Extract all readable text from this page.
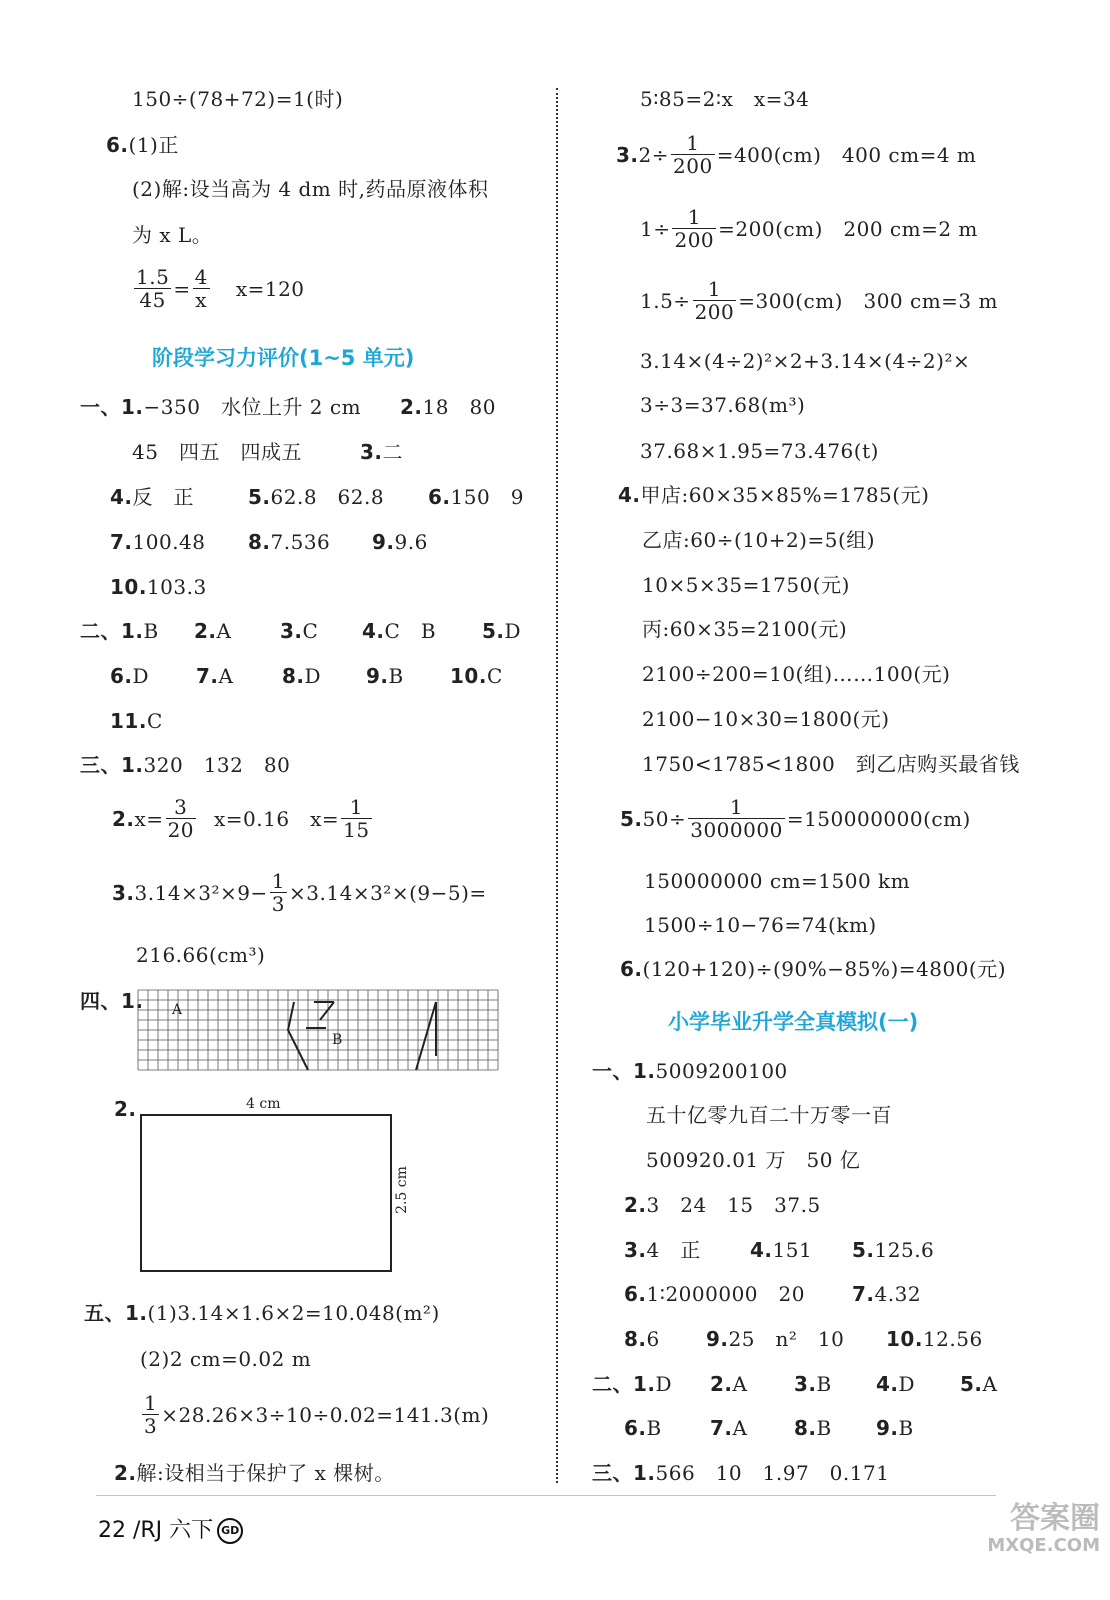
150÷(78+72)=1(时)
6.(1)正
(2)解:设当高为 4 dm 时,药品原液体积
为 x L。
$\frac{1.5}{45} = \frac{4}{x} x=120$
阶段学习力评价(1~5 单元)
一、1.−350　水位上升 2 cm 2.18　80
45　四五　四成五	3.二
4.反　正	5.62.8　62.8 6.150　9
7.100.48 8.7.536 9.9.6
10.103.3
二、1.B 2.A 3.C 4.C　B 5.D
6.D 7.A 8.D 9.B 10.C
11.C
三、1.320　132　80
$2.x= \frac{3}{20} x=0.16$　$x= \frac{1}{15}$
$3.3.14\times 3^2\times 9- \frac{1}{3} \times 3.14\times 3^2\times(9-5)=$
216.66(cm³)
四、1. A
B
2.	4 cm
2.5 cm
五、1.(1)3.14×1.6×2=10.048(m²)
(2)2 cm=0.02 m
$\frac{1}{3} \times 28.26\times 3\div 10\div 0.02=141.3(m)$
2.解:设相当于保护了 x 棵树。
5∶85=2∶x　x=34
$3.2\div \frac{1}{200} =400(cm)$　400 cm=4 m
$1\div \frac{1}{200} =200(cm)$　200 cm=2 m
$1.5\div \frac{1}{200} =300(cm)$　300 cm=3 m
3.14×(4÷2)²×2+3.14×(4÷2)²×
3÷3=37.68(m³)
37.68×1.95=73.476(t)
4.甲店:60×35×85%=1785(元)
乙店:60÷(10+2)=5(组)
10×5×35=1750(元)
丙:60×35=2100(元)
2100÷200=10(组)……100(元)
2100−10×30=1800(元)
1750<1785<1800　到乙店购买最省钱
$5.50\div \frac{1}{3000000} =150000000(cm)$
150000000 cm=1500 km
1500÷10−76=74(km)
6.(120+120)÷(90%−85%)=4800(元)
小学毕业升学全真模拟(一)
一、1.5009200100
五十亿零九百二十万零一百
500920.01 万　50 亿
2.3　24　15　37.5
3.4　正 4.151 5.125.6
6.1∶2000000　20 7.4.32
8.6 9.25　n²　10 10.12.56
二、1.D 2.A 3.B 4.D 5.A
6.B 7.A 8.B 9.B
三、1.566　10　1.97　0.171
22 /RJ 六下 GD	答案圈
MXQE.COM
